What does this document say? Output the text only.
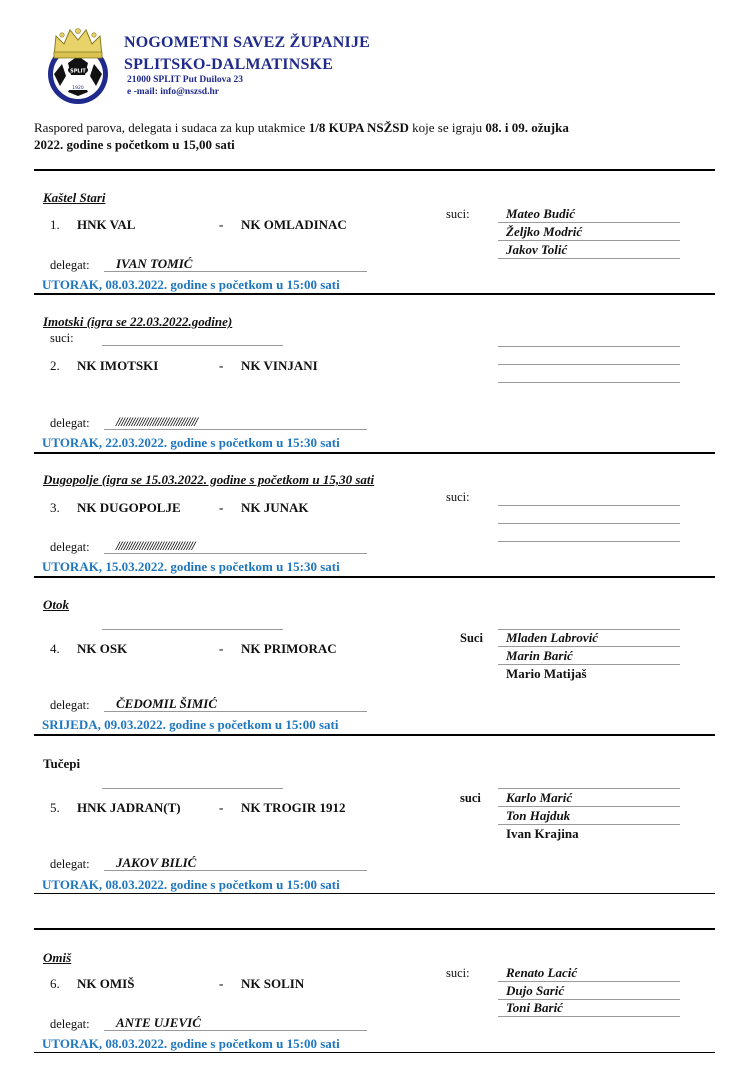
SPLIT
1920
NOGOMETNI SAVEZ ŽUPANIJE
SPLITSKO-DALMATINSKE
21000 SPLIT Put Duilova 23
e -mail: info@nszsd.hr
Raspored parova, delegata i sudaca za kup utakmice 1/8 KUPA NSŽSD koje se igraju 08. i 09. ožujka 2022. godine s početkom u 15,00 sati
Kaštel Stari
suci:	Mateo Budić
Željko Modrić
Jakov Tolić
1. HNK VAL	- NK OMLADINAC
delegat:	IVAN TOMIĆ
UTORAK, 08.03.2022. godine s početkom u 15:00 sati
Imotski (igra se 22.03.2022.godine)
suci:
2. NK IMOTSKI	- NK VINJANI
delegat:	///////////////////////////////
UTORAK, 22.03.2022. godine s početkom u 15:30 sati
Dugopolje (igra se 15.03.2022. godine s početkom u 15,30 sati
suci:
3. NK DUGOPOLJE	- NK JUNAK
delegat:	//////////////////////////////
UTORAK, 15.03.2022. godine s početkom u 15:30 sati
Otok
Suci	Mladen Labrović
Marin Barić
Mario Matijaš
4. NK OSK	- NK PRIMORAC
delegat:	ČEDOMIL ŠIMIĆ
SRIJEDA, 09.03.2022. godine s početkom u 15:00 sati
Tučepi
suci	Karlo Marić
Ton Hajduk
Ivan Krajina
5. HNK JADRAN(T)	- NK TROGIR 1912
delegat:	JAKOV BILIĆ
UTORAK, 08.03.2022. godine s početkom u 15:00 sati
Omiš
suci:	Renato Lacić
Dujo Sarić
Toni Barić
6. NK OMIŠ	- NK SOLIN
delegat:	ANTE UJEVIĆ
UTORAK, 08.03.2022. godine s početkom u 15:00 sati
